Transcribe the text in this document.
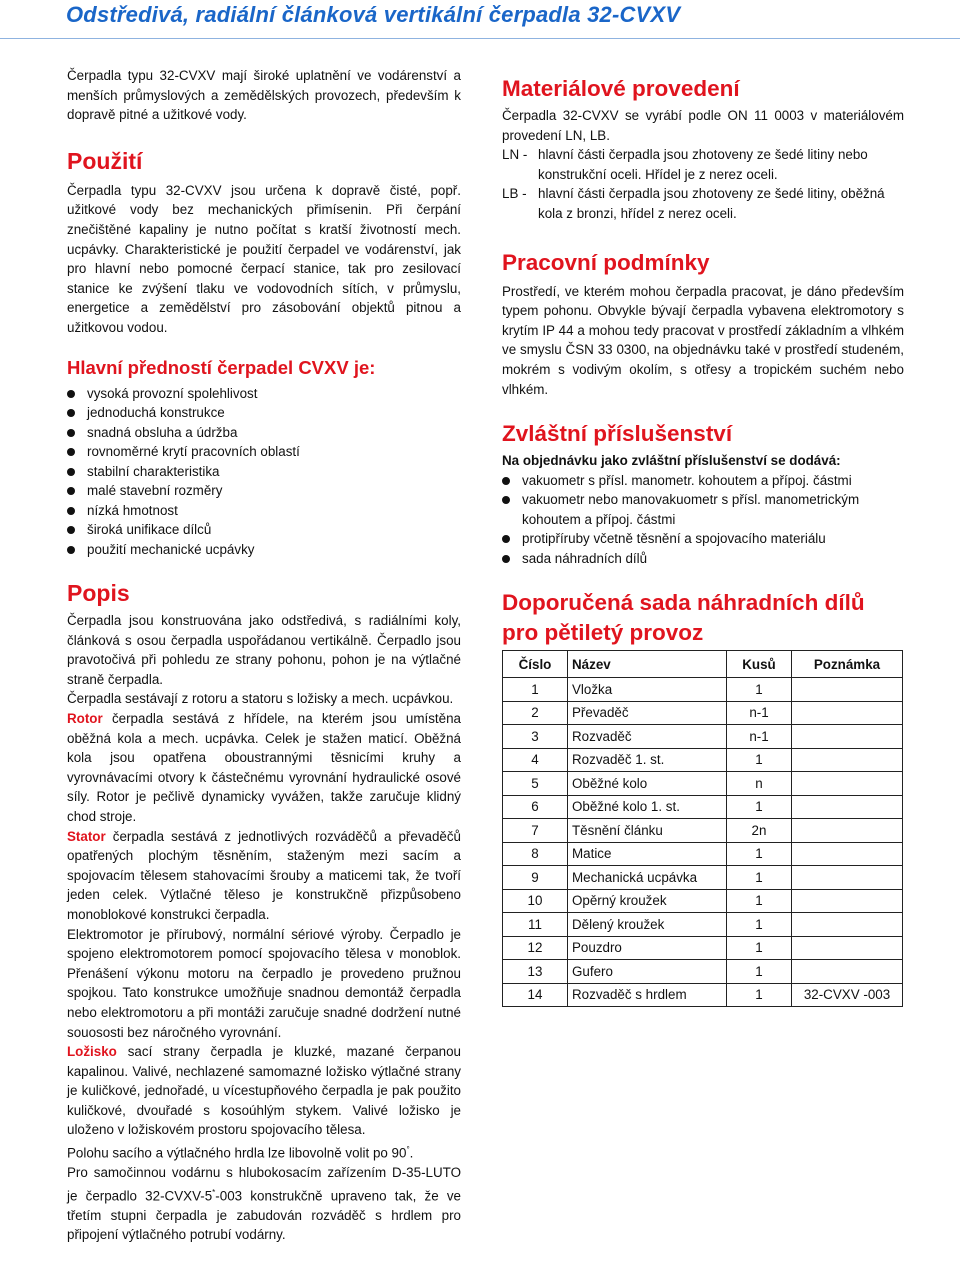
Odstředivá, radiální článková vertikální čerpadla 32-CVXV

Čerpadla typu 32-CVXV mají široké uplatnění ve vodárenství a menších průmyslových a zemědělských provozech, především k dopravě pitné a užitkové vody.

Použití

Čerpadla typu 32-CVXV jsou určena k dopravě čisté, popř. užitkové vody bez mechanických přimísenin. Při čerpání znečištěné kapaliny je nutno počítat s kratší životností mech. ucpávky. Charakteristické je použití čerpadel ve vodárenství, jak pro hlavní nebo pomocné čerpací stanice, tak pro zesilovací stanice ke zvýšení tlaku ve vodovodních sítích, v průmyslu, energetice a zemědělství pro zásobování objektů pitnou a užitkovou vodou.

Hlavní předností čerpadel CVXV je:
vysoká provozní spolehlivost
jednoduchá konstrukce
snadná obsluha a údržba
rovnoměrné krytí pracovních oblastí
stabilní charakteristika
malé stavební rozměry
nízká hmotnost
široká unifikace dílců
použití mechanické ucpávky
Popis

Čerpadla jsou konstruována jako odstředivá, s radiálními koly, článková s osou čerpadla uspořádanou vertikálně. Čerpadlo jsou pravotočivá při pohledu ze strany pohonu, pohon je na výtlačné straně čerpadla.

Čerpadla sestávají z rotoru a statoru s ložisky a mech. ucpávkou.

Rotor čerpadla sestává z hřídele, na kterém jsou umístěna oběžná kola a mech. ucpávka. Celek je stažen maticí. Oběžná kola jsou opatřena oboustrannými těsnicími kruhy a vyrovnávacími otvory k částečnému vyrovnání hydraulické osové síly. Rotor je pečlivě dynamicky vyvážen, takže zaručuje klidný chod stroje.

Stator čerpadla sestává z jednotlivých rozváděčů a převaděčů opatřených plochým těsněním, staženým mezi sacím a spojovacím tělesem stahovacími šrouby a maticemi tak, že tvoří jeden celek. Výtlačné těleso je konstrukčně přizpůsobeno monoblokové konstrukci čerpadla.

Elektromotor je přírubový, normální sériové výroby. Čerpadlo je spojeno elektromotorem pomocí spojovacího tělesa v monoblok. Přenášení výkonu motoru na čerpadlo je provedeno pružnou spojkou. Tato konstrukce umožňuje snadnou demontáž čerpadla nebo elektromotoru a při montáži zaručuje snadné dodržení nutné souososti bez náročného vyrovnání.

Ložisko sací strany čerpadla je kluzké, mazané čerpanou kapalinou. Valivé, nechlazené samomazné ložisko výtlačné strany je kuličkové, jednořadé, u vícestupňového čerpadla je pak použito kuličkové, dvouřadé s kosoúhlým stykem. Valivé ložisko je uloženo v ložiskovém prostoru spojovacího tělesa.

Polohu sacího a výtlačného hrdla lze libovolně volit po 90°.

Pro samočinnou vodárnu s hlubokosacím zařízením D-35-LUTO je čerpadlo 32-CVXV-5*-003 konstrukčně upraveno tak, že ve třetím stupni čerpadla je zabudován rozváděč s hrdlem pro připojení výtlačného potrubí vodárny.

Materiálové provedení

Čerpadla 32-CVXV se vyrábí podle ON 11 0003 v materiálovém provedení LN, LB.

LN - hlavní části čerpadla jsou zhotoveny ze šedé litiny nebo konstrukční oceli. Hřídel je z nerez oceli.
LB - hlavní části čerpadla jsou zhotoveny ze šedé litiny, oběžná kola z bronzi, hřídel z nerez oceli.
Pracovní podmínky

Prostředí, ve kterém mohou čerpadla pracovat, je dáno především typem pohonu. Obvykle bývají čerpadla vybavena elektromotory s krytím IP 44 a mohou tedy pracovat v prostředí základním a vlhkém ve smyslu ČSN 33 0300, na objednávku také v prostředí studeném, mokrém s vodivým okolím, s otřesy a tropickém suchém nebo vlhkém.

Zvláštní příslušenství
Na objednávku jako zvláštní příslušenství se dodává:
vakuometr s přísl. manometr. kohoutem a přípoj. částmi
vakuometr nebo manovakuometr s přísl. manometrickým kohoutem a přípoj. částmi
protipříruby včetně těsnění a spojovacího materiálu
sada náhradních dílů
Doporučená sada náhradních dílů pro pětiletý provoz
Číslo	Název	Kusů	Poznámka
1	Vložka	1	
2	Převaděč	n-1	
3	Rozvaděč	n-1	
4	Rozvaděč 1. st.	1	
5	Oběžné kolo	n	
6	Oběžné kolo 1. st.	1	
7	Těsnění článku	2n	
8	Matice	1	
9	Mechanická ucpávka	1	
10	Opěrný kroužek	1	
11	Dělený kroužek	1	
12	Pouzdro	1	
13	Gufero	1	
14	Rozvaděč s hrdlem	1	32-CVXV -003
